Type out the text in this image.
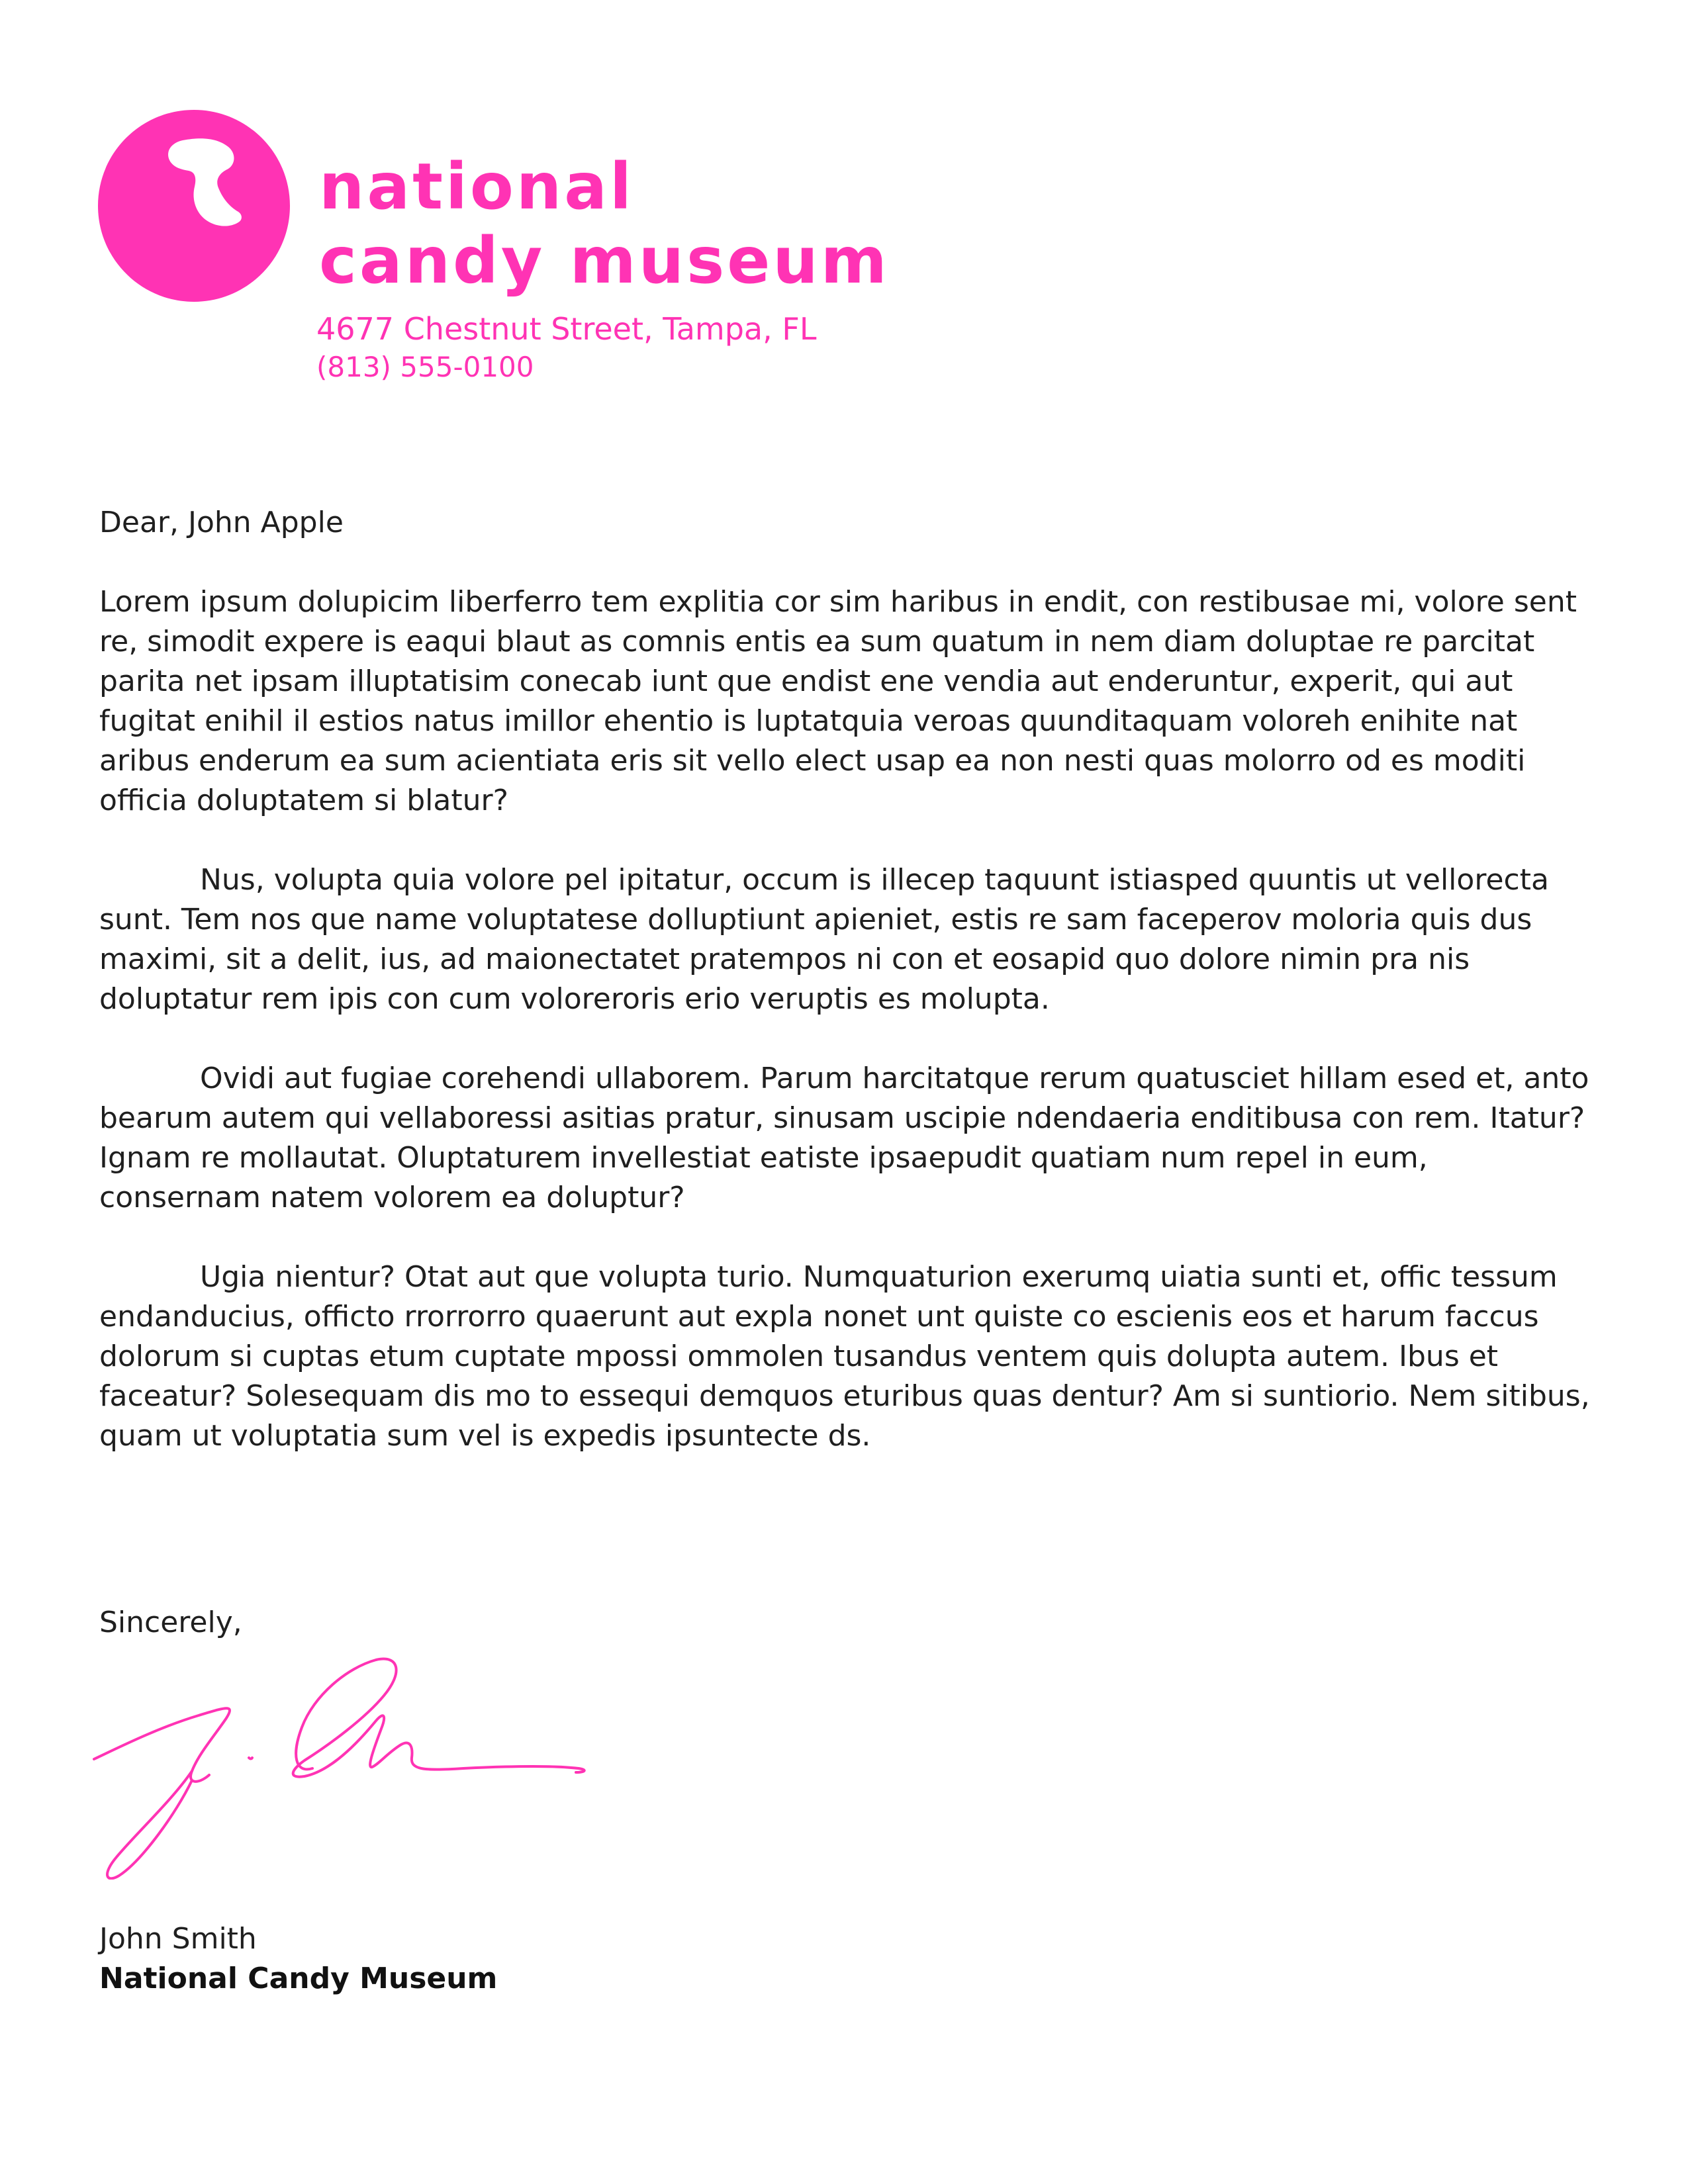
national
candy museum
4677 Chestnut Street, Tampa, FL
(813) 555-0100

Dear, John Apple

Lorem ipsum dolupicim liberferro tem explitia cor sim haribus in endit, con restibusae mi, volore sent re, simodit expere is eaqui blaut as comnis entis ea sum quatum in nem diam doluptae re parcitat parita net ipsam illuptatisim conecab iunt que endist ene vendia aut enderuntur, experit, qui aut fugitat enihil il estios natus imillor ehentio is luptatquia veroas quunditaquam voloreh enihite nat aribus enderum ea sum acientiata eris sit vello elect usap ea non nesti quas molorro od es moditi officia doluptatem si blatur?

Nus, volupta quia volore pel ipitatur, occum is illecep taquunt istiasped quuntis ut vellorecta sunt. Tem nos que name voluptatese dolluptiunt apieniet, estis re sam faceperov moloria quis dus maximi, sit a delit, ius, ad maionectatet pratempos ni con et eosapid quo dolore nimin pra nis doluptatur rem ipis con cum voloreroris erio veruptis es molupta.

Ovidi aut fugiae corehendi ullaborem. Parum harcitatque rerum quatusciet hillam esed et, anto bearum autem qui vellaboressi asitias pratur, sinusam uscipie ndendaeria enditibusa con rem. Itatur? Ignam re mollautat. Oluptaturem invellestiat eatiste ipsaepudit quatiam num repel in eum, consernam natem volorem ea doluptur?

Ugia nientur? Otat aut que volupta turio. Numquaturion exerumq uiatia sunti et, offic tessum endanducius, officto rrorrorro quaerunt aut expla nonet unt quiste co escienis eos et harum faccus dolorum si cuptas etum cuptate mpossi ommolen tusandus ventem quis dolupta autem. Ibus et faceatur? Solesequam dis mo to essequi demquos eturibus quas dentur? Am si suntiorio. Nem sitibus, quam ut voluptatia sum vel is expedis ipsuntecte ds.

Sincerely,
John Smith
National Candy Museum
